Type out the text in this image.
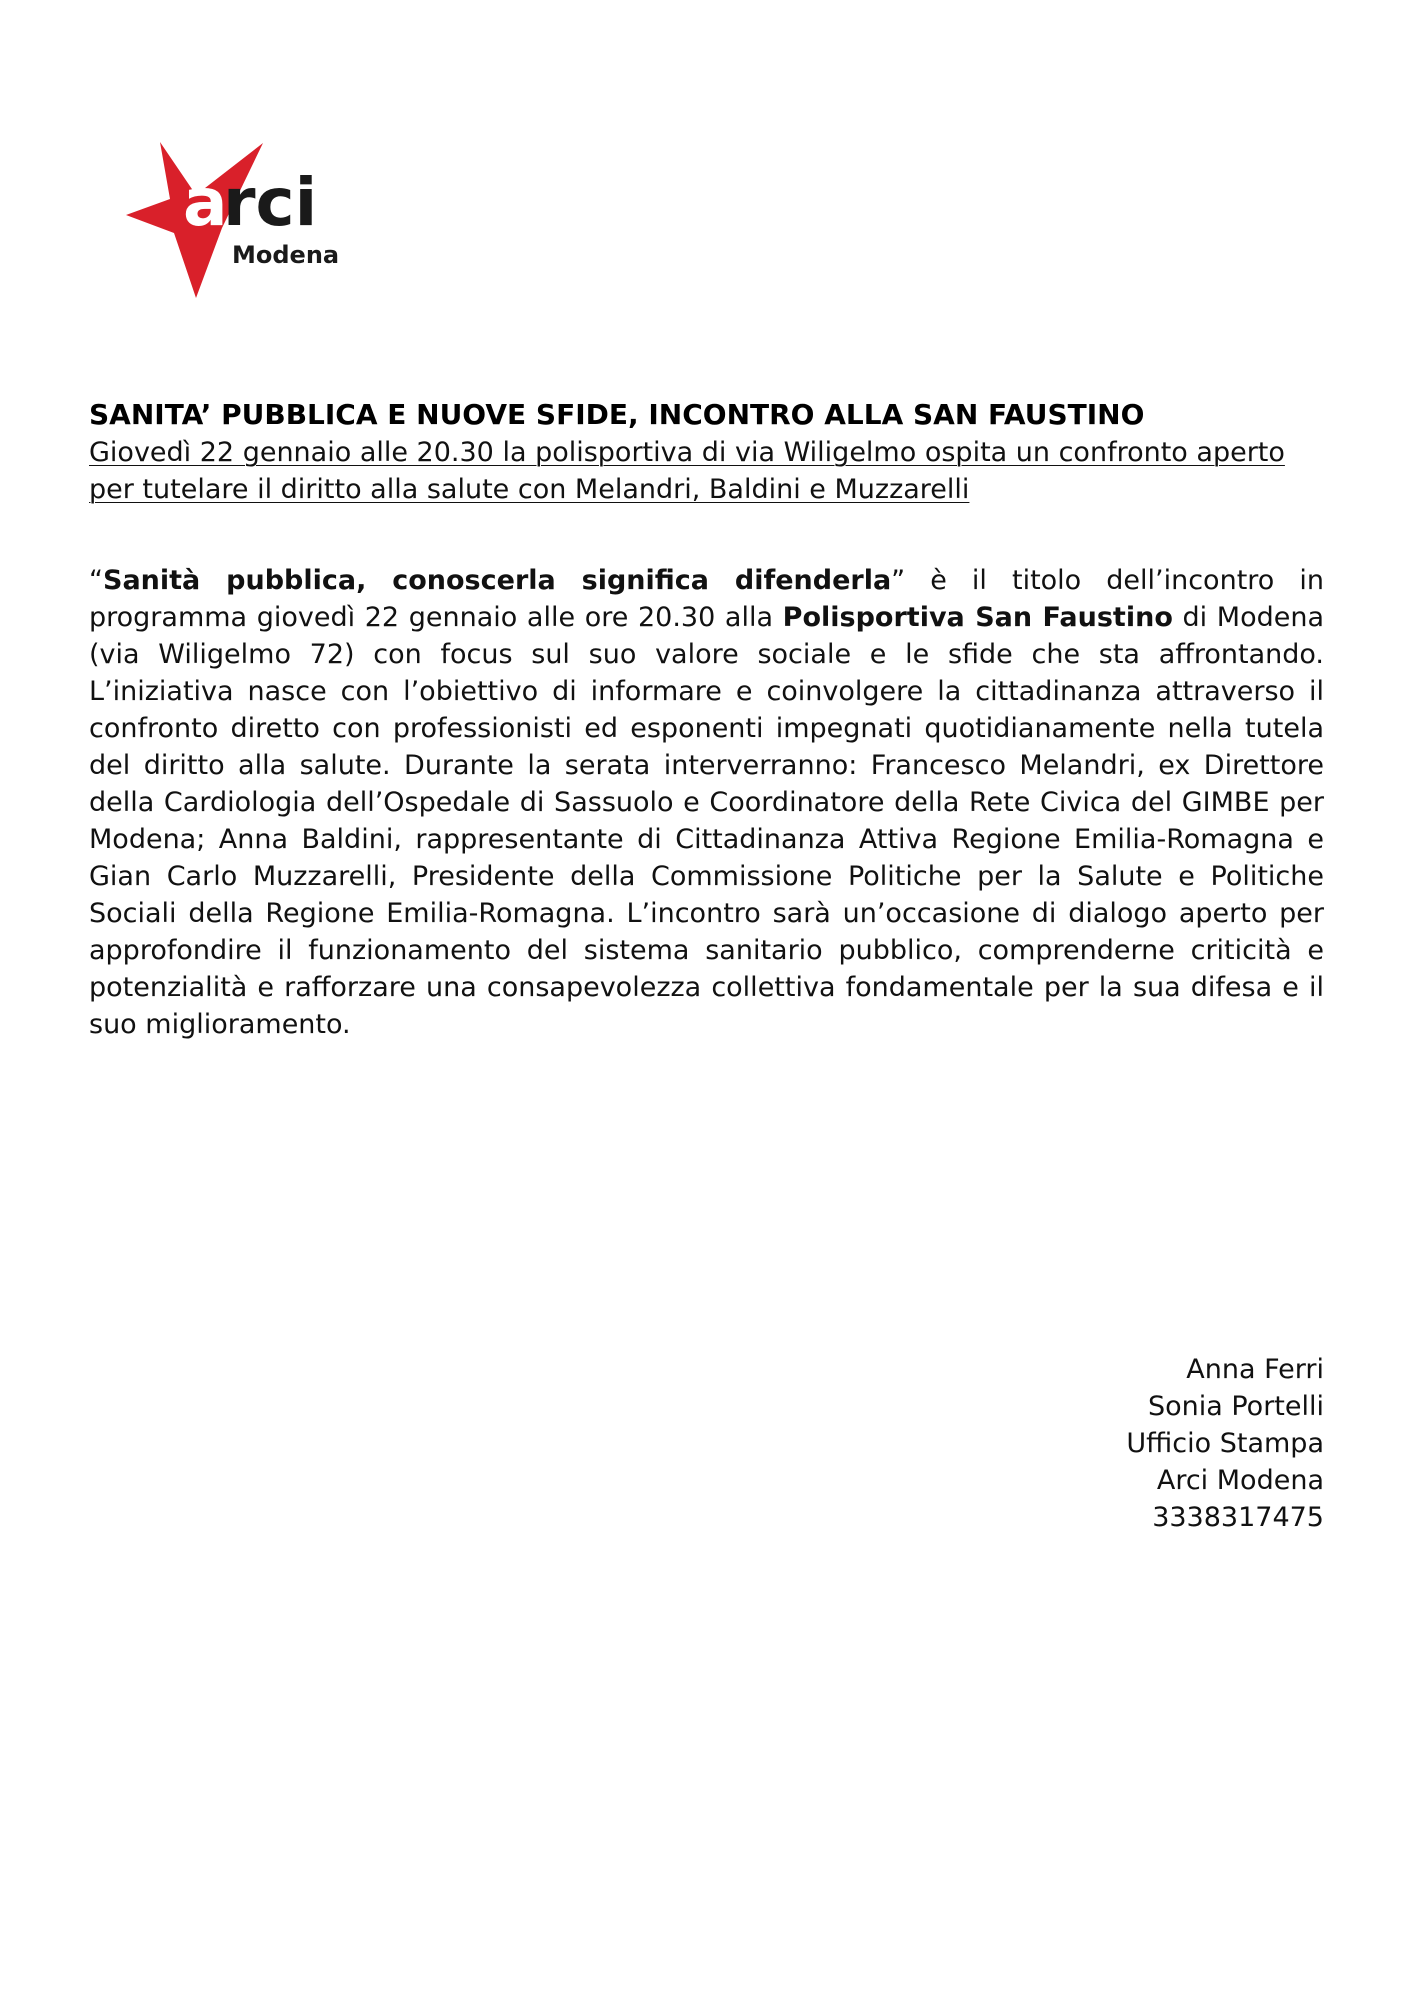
a
rci
Modena

SANITA’ PUBBLICA E NUOVE SFIDE, INCONTRO ALLA SAN FAUSTINO

Giovedì 22 gennaio alle 20.30 la polisportiva di via Wiligelmo ospita un confronto aperto per tutelare il diritto alla salute con Melandri, Baldini e Muzzarelli

“Sanità pubblica, conoscerla significa difenderla” è il titolo dell’incontro in programma giovedì 22 gennaio alle ore 20.30 alla Polisportiva San Faustino di Modena (via Wiligelmo 72) con focus sul suo valore sociale e le sfide che sta affrontando. L’iniziativa nasce con l’obiettivo di informare e coinvolgere la cittadinanza attraverso il confronto diretto con professionisti ed esponenti impegnati quotidianamente nella tutela del diritto alla salute. Durante la serata interverranno: Francesco Melandri, ex Direttore della Cardiologia dell’Ospedale di Sassuolo e Coordinatore della Rete Civica del GIMBE per Modena; Anna Baldini, rappresentante di Cittadinanza Attiva Regione Emilia-Romagna e Gian Carlo Muzzarelli, Presidente della Commissione Politiche per la Salute e Politiche Sociali della Regione Emilia-Romagna. L’incontro sarà un’occasione di dialogo aperto per approfondire il funzionamento del sistema sanitario pubblico, comprenderne criticità e potenzialità e rafforzare una consapevolezza collettiva fondamentale per la sua difesa e il suo miglioramento.

Anna Ferri
Sonia Portelli
Ufficio Stampa
Arci Modena
3338317475
